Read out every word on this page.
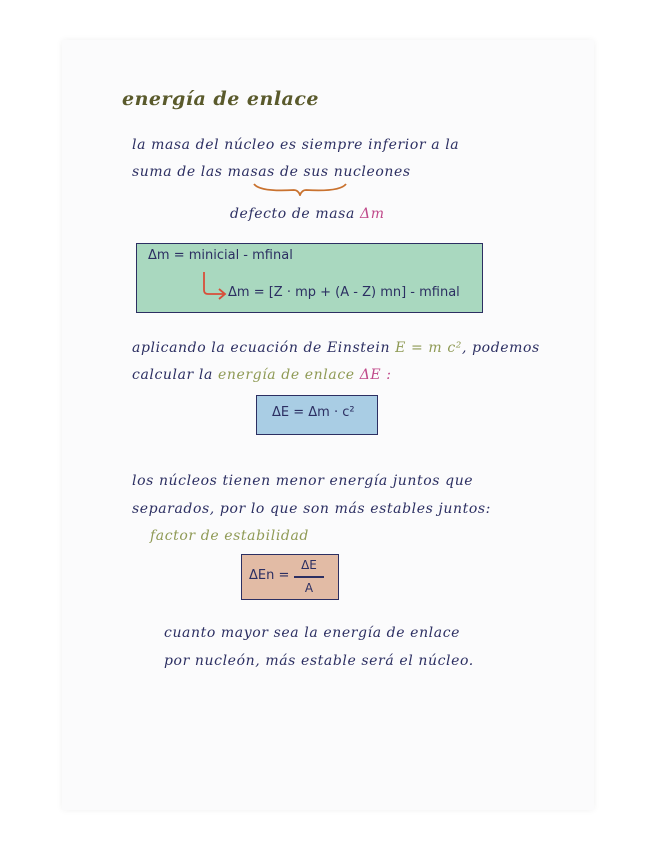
energía de enlace
la masa del núcleo es siempre inferior a la
suma de las masas de sus nucleones
defecto de masa Δm
Δm = minicial - mfinal
Δm = [Z · mp + (A - Z) mn] - mfinal
aplicando la ecuación de Einstein E = m c², podemos
calcular la energía de enlace ΔE :
ΔE = Δm · c²
los núcleos tienen menor energía juntos que
separados, por lo que son más estables juntos:
factor de estabilidad
ΔEn =
ΔE
A
cuanto mayor sea la energía de enlace
por nucleón, más estable será el núcleo.
